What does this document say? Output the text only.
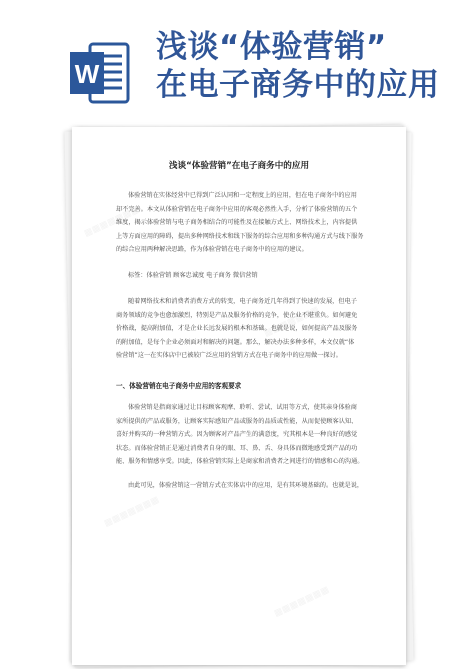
W
浅谈“体验营销”
在电子商务中的应用
▦▦▦▦▦▦▦
▦▦▦▦▦▦▦
▦▦▦▦▦▦▦
▦▦▦▦▦▦▦
浅谈“体验营销”在电子商务中的应用
体验营销在实体经营中已得到广泛认同和一定程度上的应用，但在电子商务中的应用
却不完善。本文从体验营销在电子商务中应用的客观必然性入手，分析了体验营销的五个
维度，揭示体验营销与电子商务相结合的可能性及在接触方式上、网络技术上，内容提供
上等方面应用的障碍，提出多种网络技术和线下服务的综合应用和多种沟通方式与线下服务
的综合应用两种解决思路，作为体验营销在电子商务中的应用的建议。
标签：体验营销 顾客忠诚度 电子商务 微信营销
随着网络技术和消费者消费方式的转变，电子商务近几年得到了快速的发展，但电子
商务领域的竞争也愈加激烈，特别是产品及服务价格的竞争，使企业不堪重负。如何避免
价格战，提高附加值，才是企业长远发展的根本和基础。也就是说，如何提高产品及服务
的附加值，是每个企业必须面对和解决的问题。那么，解决办法多种多样，本文仅就“体
验营销”这一在实体店中已被较广泛应用的营销方式在电子商务中的应用做一探讨。
一、体验营销在电子商务中应用的客观要求
体验营销是指商家通过让目标顾客观摩、聆听、尝试、试用等方式，使其亲身体验商
家所提供的产品或服务，让顾客实际感知产品或服务的品质或性能，从而促使顾客认知、
喜好并购买的一种营销方式。因为顾客对产品产生的满意度，究其根本是一种良好的感觉
状态。而体验营销正是通过消费者自身的眼、耳、鼻、舌、身具体而微地感受到产品的功
能、服务和情感享受。因此，体验营销实际上是商家和消费者之间进行的情感和心的沟通。
由此可见，体验营销这一营销方式在实体店中的应用，是有其环境基础的。也就是说，
